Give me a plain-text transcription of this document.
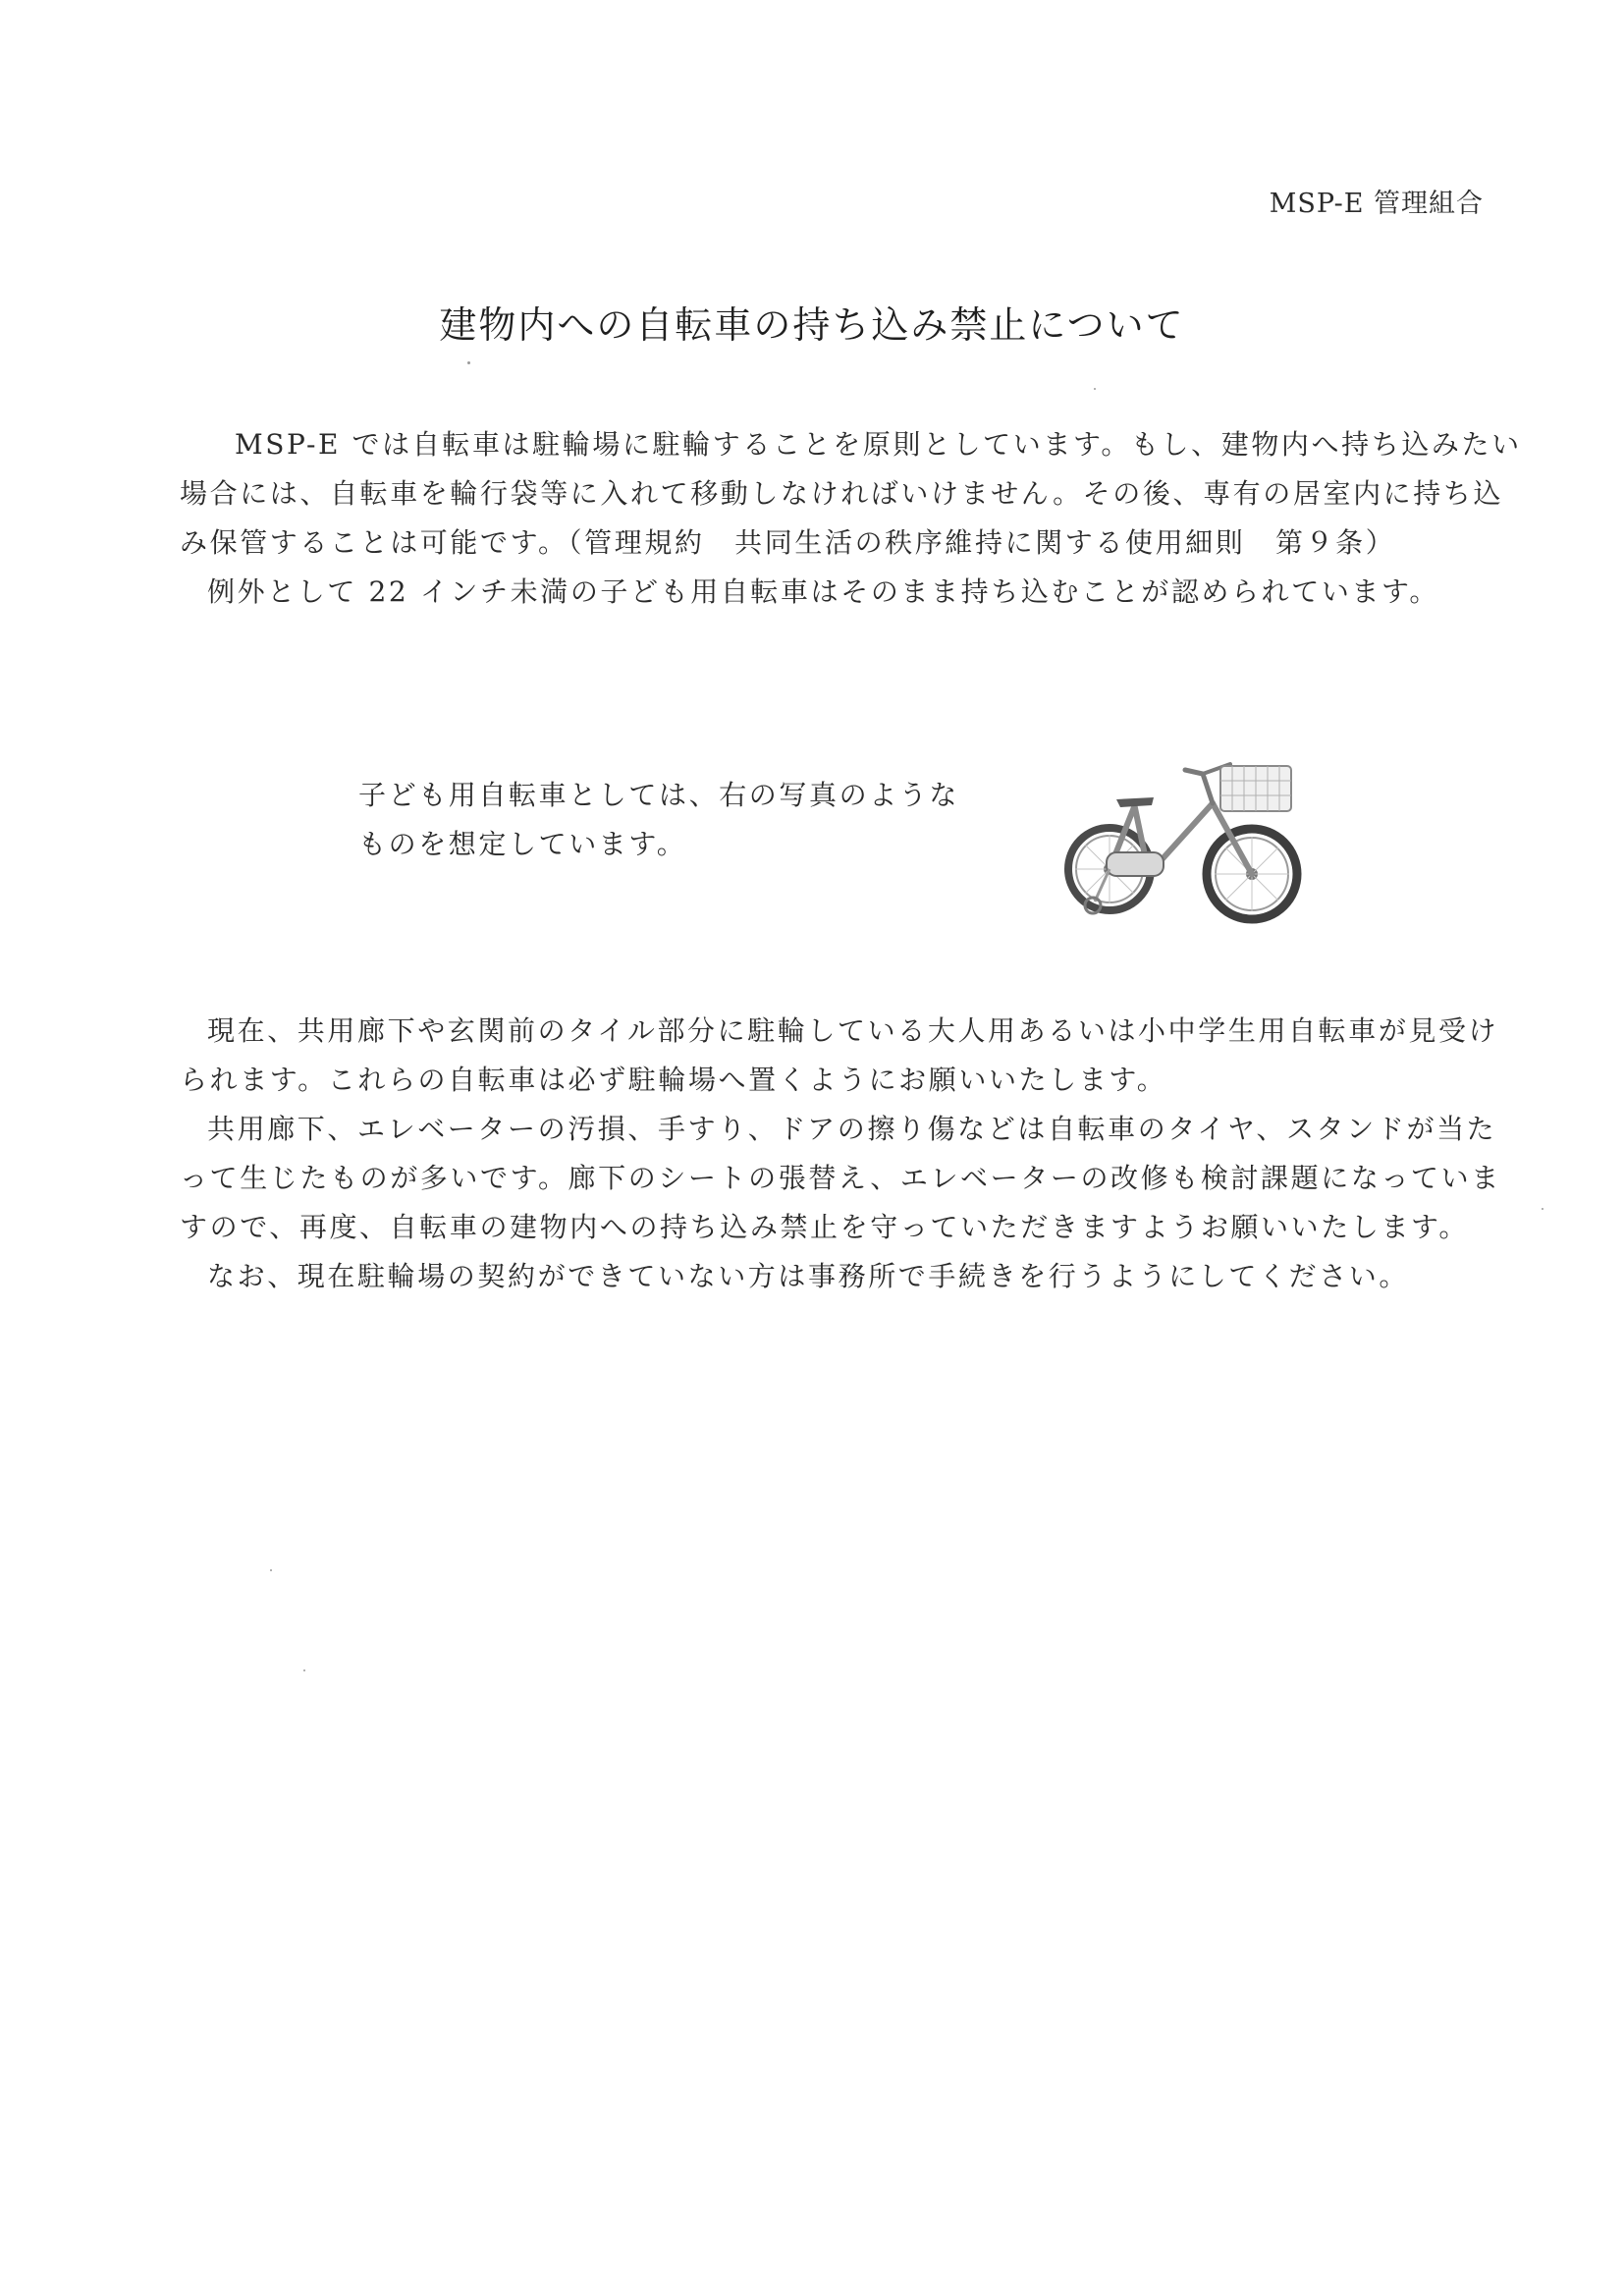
MSP-E 管理組合
建物内への自転車の持ち込み禁止について

MSP-E では自転車は駐輪場に駐輪することを原則としています。もし、建物内へ持ち込みたい

場合には、自転車を輪行袋等に入れて移動しなければいけません。その後、専有の居室内に持ち込

み保管することは可能です。（管理規約　共同生活の秩序維持に関する使用細則　第９条）

例外として 22 インチ未満の子ども用自転車はそのまま持ち込むことが認められています。

子ども用自転車としては、右の写真のような

ものを想定しています。

現在、共用廊下や玄関前のタイル部分に駐輪している大人用あるいは小中学生用自転車が見受け

られます。これらの自転車は必ず駐輪場へ置くようにお願いいたします。

共用廊下、エレベーターの汚損、手すり、ドアの擦り傷などは自転車のタイヤ、スタンドが当た

って生じたものが多いです。廊下のシートの張替え、エレベーターの改修も検討課題になっていま

すので、再度、自転車の建物内への持ち込み禁止を守っていただきますようお願いいたします。

なお、現在駐輪場の契約ができていない方は事務所で手続きを行うようにしてください。
